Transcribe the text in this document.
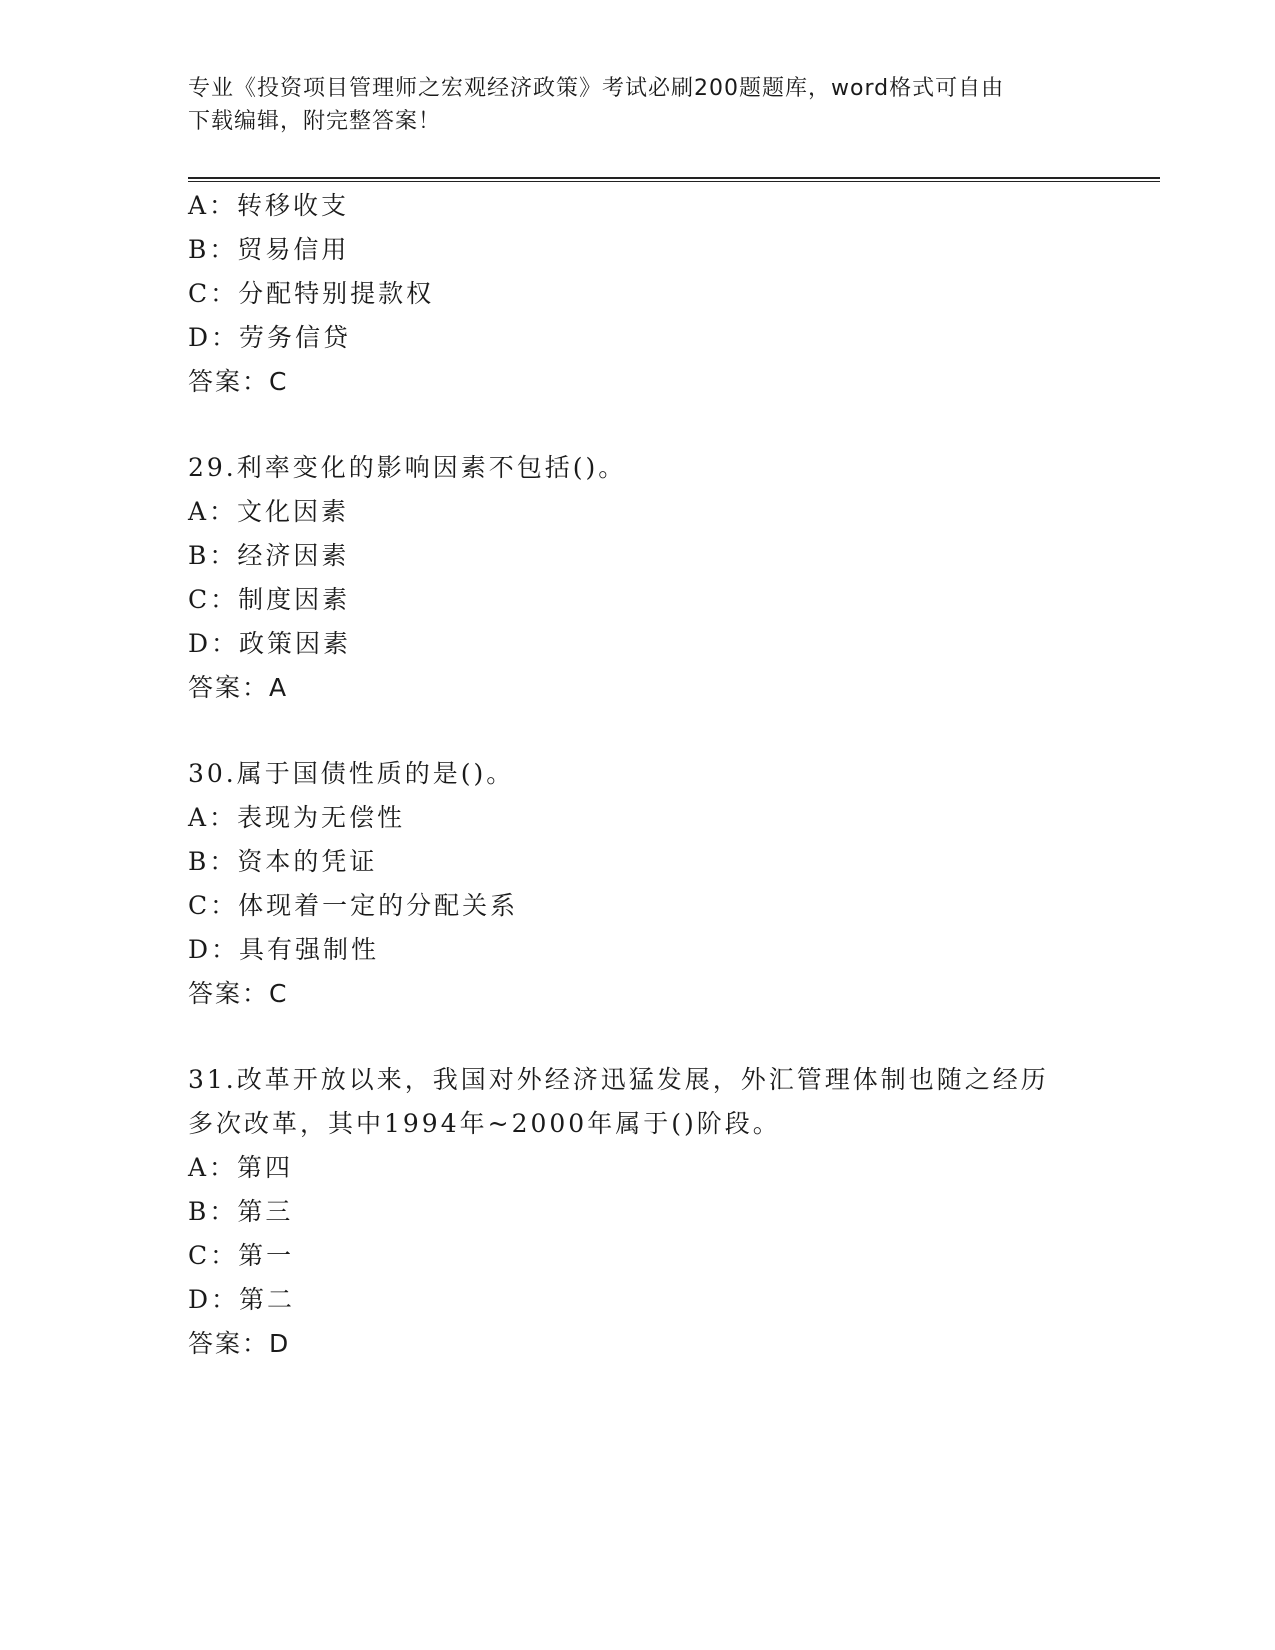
专业《投资项目管理师之宏观经济政策》考试必刷200题题库，word格式可自由
下载编辑，附完整答案！
A：转移收支
B：贸易信用
C：分配特别提款权
D：劳务信贷
答案：C
29.利率变化的影响因素不包括()。
A：文化因素
B：经济因素
C：制度因素
D：政策因素
答案：A
30.属于国债性质的是()。
A：表现为无偿性
B：资本的凭证
C：体现着一定的分配关系
D：具有强制性
答案：C
31.改革开放以来，我国对外经济迅猛发展，外汇管理体制也随之经历
多次改革，其中1994年~2000年属于()阶段。
A：第四
B：第三
C：第一
D：第二
答案：D
